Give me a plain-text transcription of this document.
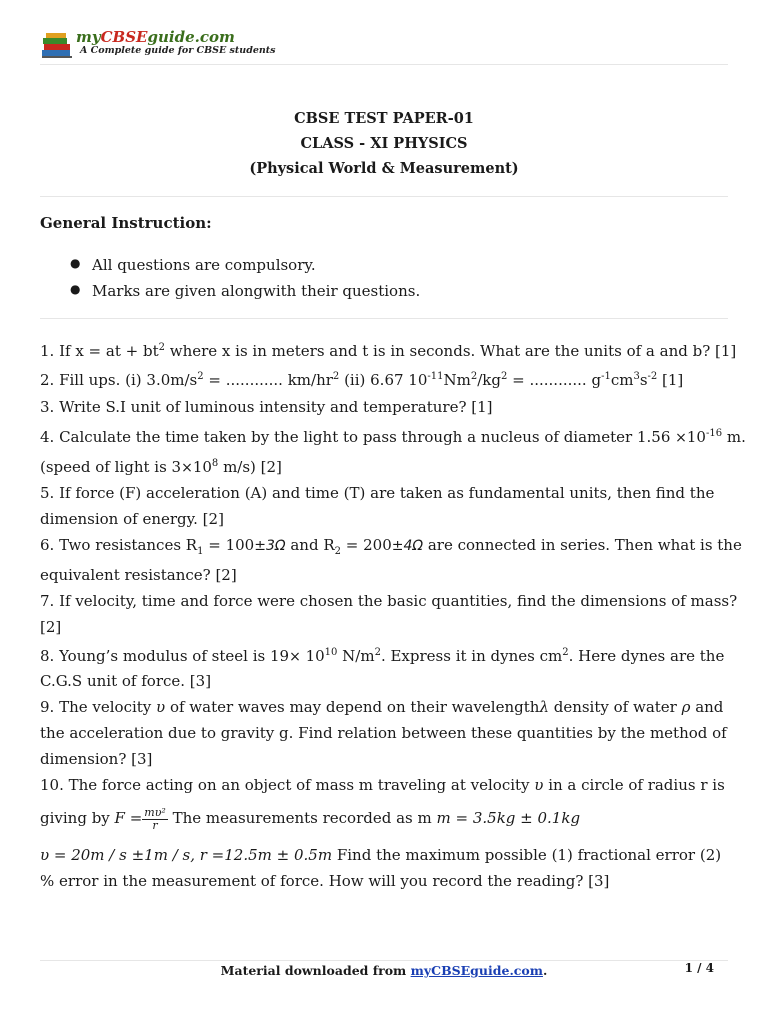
myCBSEguide.com
A Complete guide for CBSE students
CBSE TEST PAPER-01
CLASS - XI PHYSICS
(Physical World & Measurement)
General Instruction:
● All questions are compulsory.
● Marks are given alongwith their questions.
1. If x = at + $bt^2$ where x is in meters and t is in seconds. What are the units of a and b? [1]
2. Fill ups. (i) $3.0m/s^2$ = ............ $km/hr^2$ (ii) 6.67 $10^{-11}Nm^2/kg^2$ = ............ $g^{-1}cm^3s^{-2}$ [1]
3. Write S.I unit of luminous intensity and temperature? [1]
4. Calculate the time taken by the light to pass through a nucleus of diameter $1.56 \times 10^{-16}$ m.
(speed of light is $3\times 10^8$ m/s) [2]
5. If force (F) acceleration (A) and time (T) are taken as fundamental units, then find the
dimension of energy. [2]
6. Two resistances $R_1 = 100\pm 3\Omega$ and $R_2 = 200\pm 4\Omega$ are connected in series. Then what is the
equivalent resistance? [2]
7. If velocity, time and force were chosen the basic quantities, find the dimensions of mass?
[2]
8. Young’s modulus of steel is $19\times 10^{10}$ $N/m^2$. Express it in dynes $cm^2$. Here dynes are the
C.G.S unit of force. [3]
9. The velocity υ of water waves may depend on their wavelengthλ density of water ρ and
the acceleration due to gravity g. Find relation between these quantities by the method of
dimension? [3]
10. The force acting on an object of mass m traveling at velocity υ in a circle of radius r is
giving by $F = \frac{\text{mυ²}}{r}$ The measurements recorded as m m = 3.5kg ± 0.1kg
υ = 20m / s ±1m / s, r =12.5m ± 0.5m Find the maximum possible (1) fractional error (2)
% error in the measurement of force. How will you record the reading? [3]
Material downloaded from myCBSEguide.com.	1 / 4
